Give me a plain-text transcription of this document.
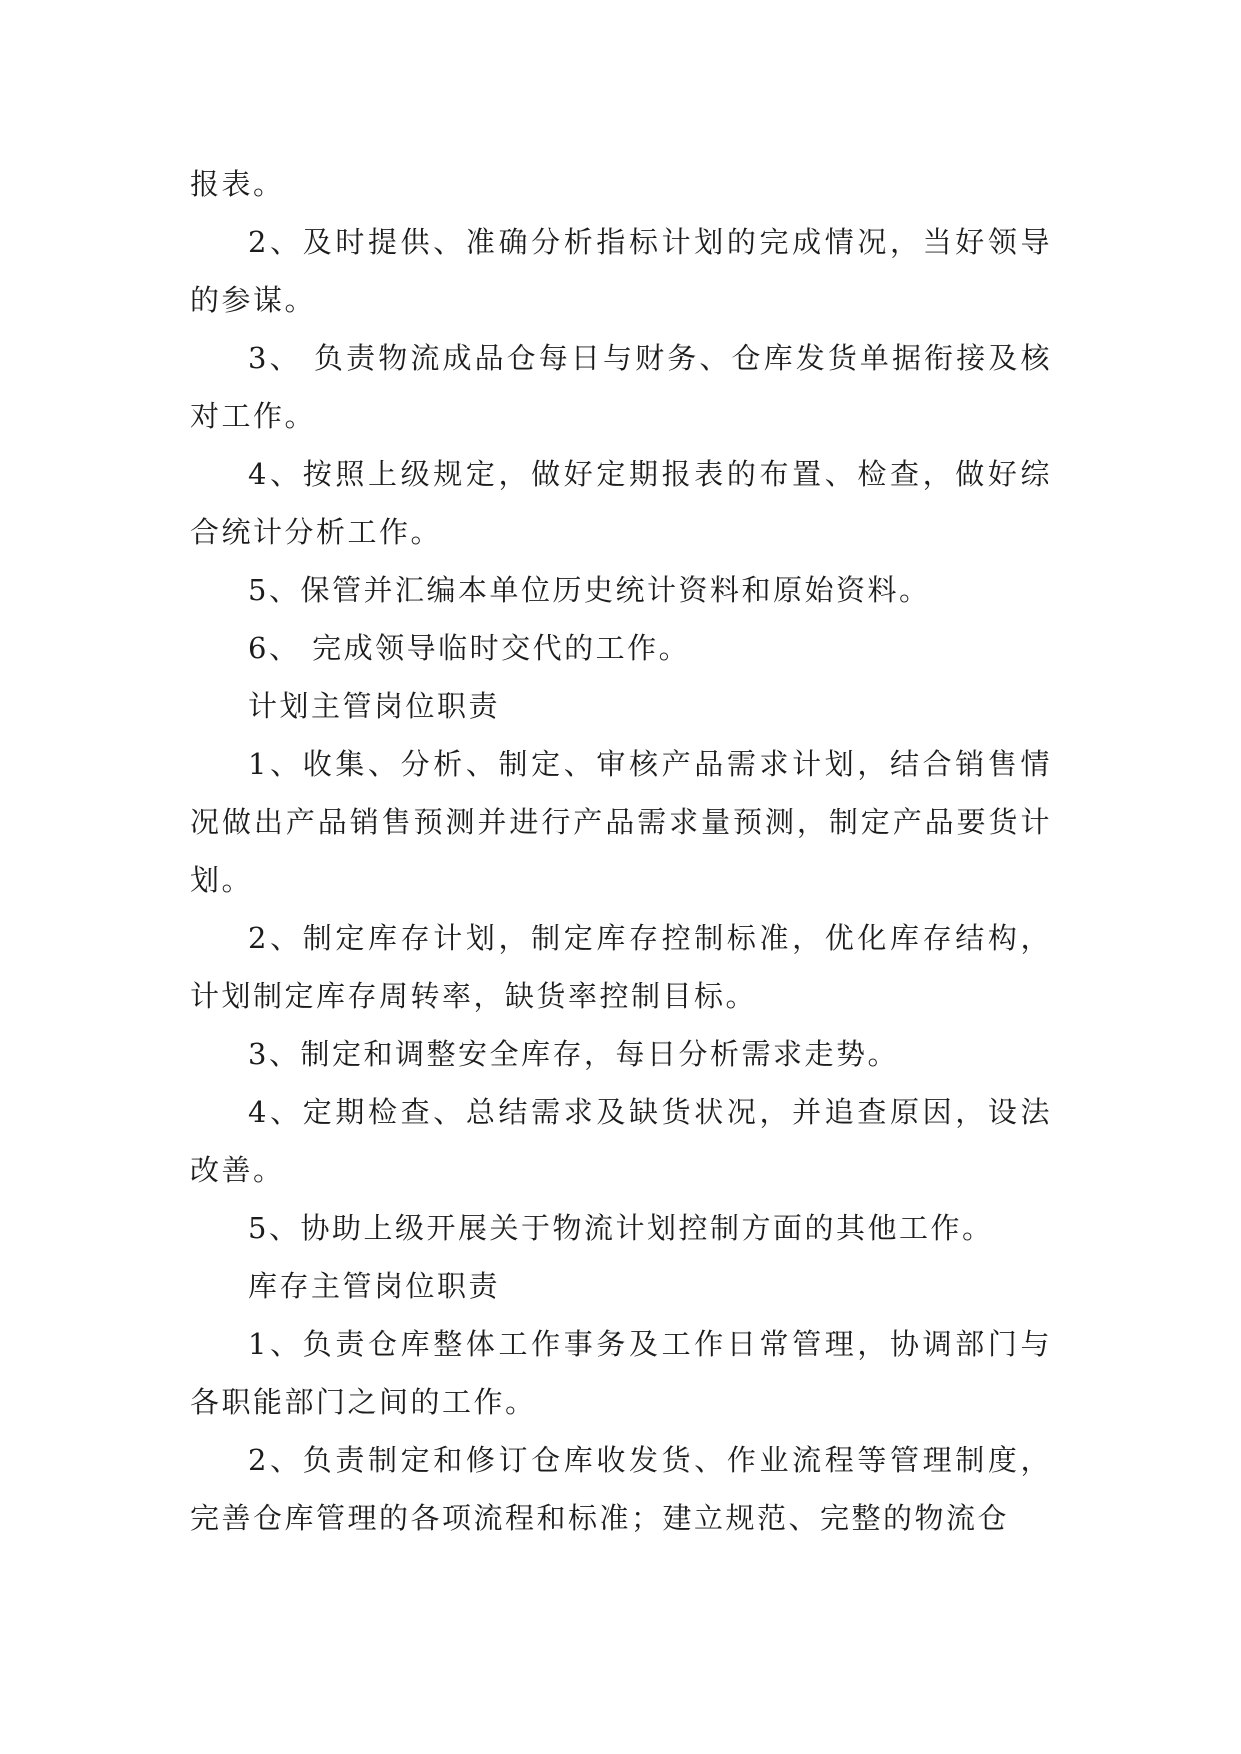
报表。

2、及时提供、准确分析指标计划的完成情况，当好领导的参谋。

3、 负责物流成品仓每日与财务、仓库发货单据衔接及核对工作。

4、按照上级规定，做好定期报表的布置、检查，做好综合统计分析工作。

5、保管并汇编本单位历史统计资料和原始资料。

6、 完成领导临时交代的工作。

计划主管岗位职责

1、收集、分析、制定、审核产品需求计划，结合销售情况做出产品销售预测并进行产品需求量预测，制定产品要货计划。

2、制定库存计划，制定库存控制标准，优化库存结构，计划制定库存周转率，缺货率控制目标。

3、制定和调整安全库存，每日分析需求走势。

4、定期检查、总结需求及缺货状况，并追查原因，设法改善。

5、协助上级开展关于物流计划控制方面的其他工作。

库存主管岗位职责

1、负责仓库整体工作事务及工作日常管理，协调部门与各职能部门之间的工作。

2、负责制定和修订仓库收发货、作业流程等管理制度，完善仓库管理的各项流程和标准；建立规范、完整的物流仓
